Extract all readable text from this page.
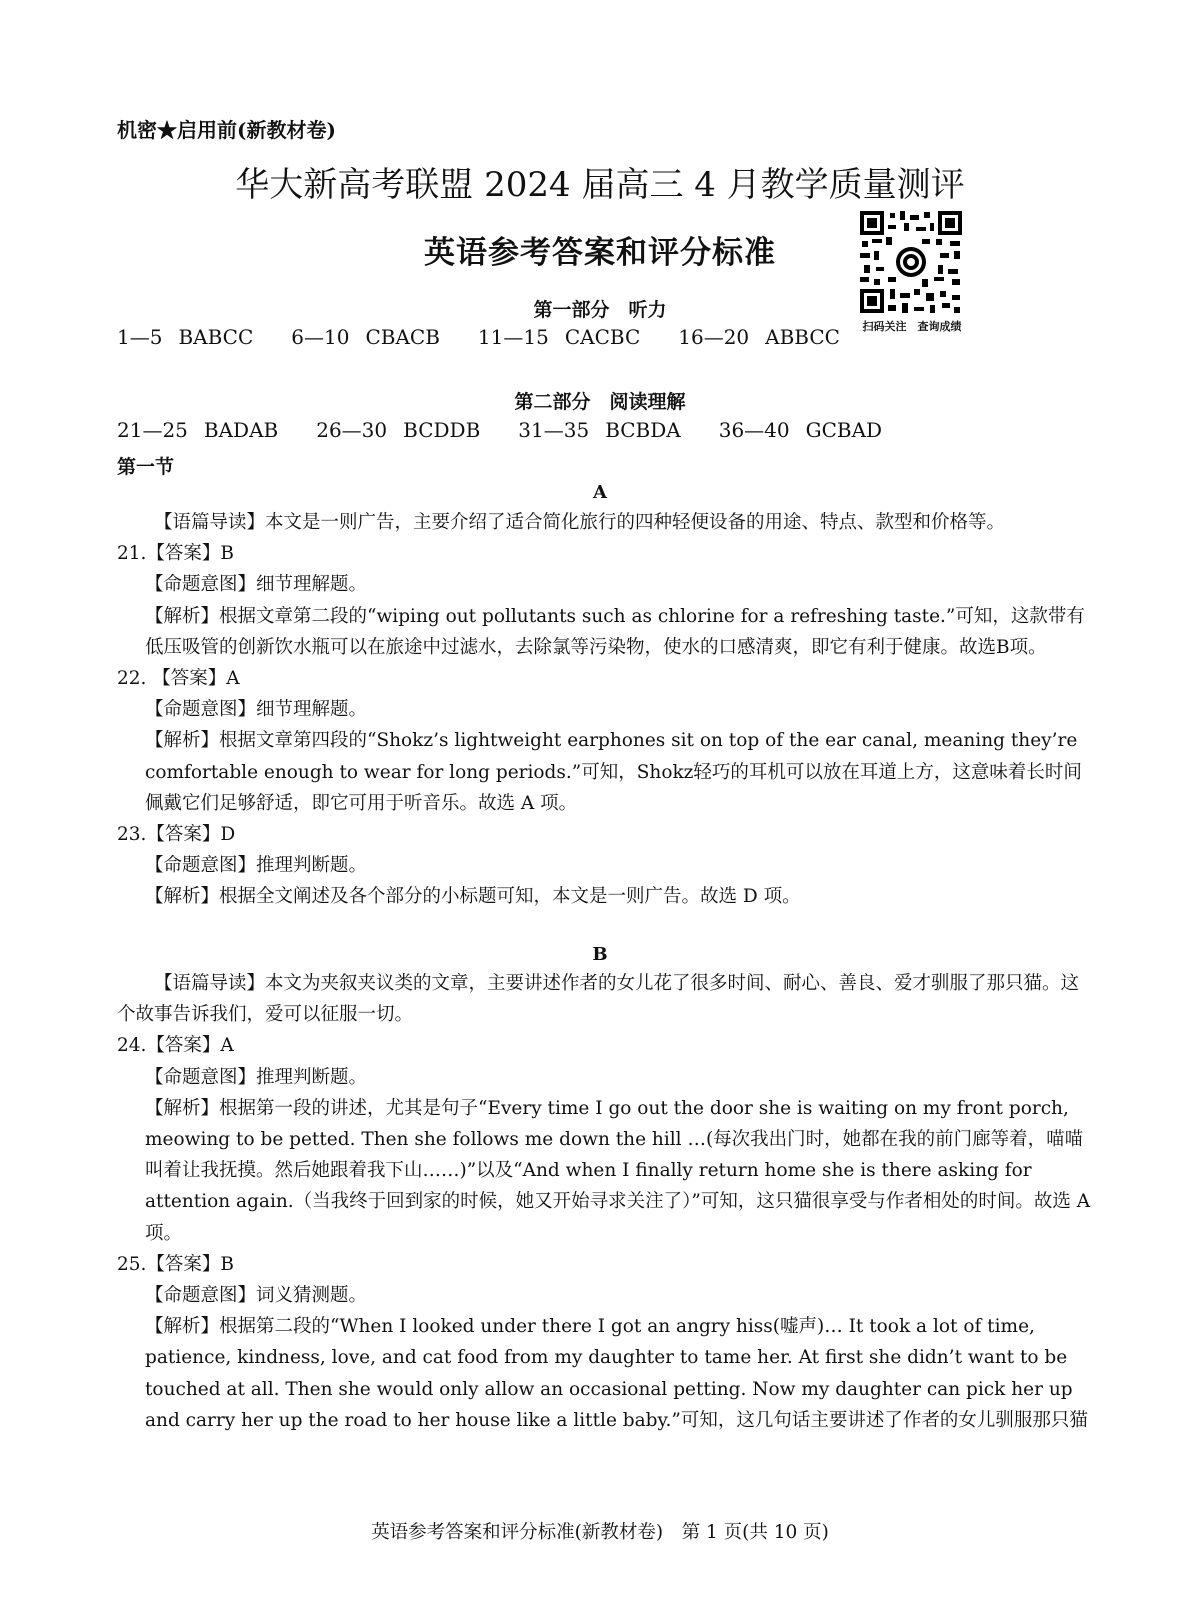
机密★启用前(新教材卷)
华大新高考联盟 2024 届高三 4 月教学质量测评
英语参考答案和评分标准
扫码关注　查询成绩
第一部分　听力
1—5 BABCC 6—10 CBACB 11—15 CACBC 16—20 ABBCC
第二部分　阅读理解
21—25 BADAB 26—30 BCDDB 31—35 BCBDA 36—40 GCBAD
第一节
A
【语篇导读】本文是一则广告，主要介绍了适合简化旅行的四种轻便设备的用途、特点、款型和价格等。
21.【答案】B
【命题意图】细节理解题。
【解析】根据文章第二段的“wiping out pollutants such as chlorine for a refreshing taste.”可知，这款带有低压吸管的创新饮水瓶可以在旅途中过滤水，去除氯等污染物，使水的口感清爽，即它有利于健康。故选B项。
22. 【答案】A
【命题意图】细节理解题。
【解析】根据文章第四段的“Shokz’s lightweight earphones sit on top of the ear canal, meaning they’re comfortable enough to wear for long periods.”可知，Shokz轻巧的耳机可以放在耳道上方，这意味着长时间佩戴它们足够舒适，即它可用于听音乐。故选 A 项。
23.【答案】D
【命题意图】推理判断题。
【解析】根据全文阐述及各个部分的小标题可知，本文是一则广告。故选 D 项。
B
【语篇导读】本文为夹叙夹议类的文章，主要讲述作者的女儿花了很多时间、耐心、善良、爱才驯服了那只猫。这个故事告诉我们，爱可以征服一切。
24.【答案】A
【命题意图】推理判断题。
【解析】根据第一段的讲述，尤其是句子“Every time I go out the door she is waiting on my front porch, meowing to be petted. Then she follows me down the hill …(每次我出门时，她都在我的前门廊等着，喵喵叫着让我抚摸。然后她跟着我下山……)”以及“And when I finally return home she is there asking for attention again.（当我终于回到家的时候，她又开始寻求关注了）”可知，这只猫很享受与作者相处的时间。故选 A 项。
25.【答案】B
【命题意图】词义猜测题。
【解析】根据第二段的“When I looked under there I got an angry hiss(嘘声)… It took a lot of time, patience, kindness, love, and cat food from my daughter to tame her. At first she didn’t want to be touched at all. Then she would only allow an occasional petting. Now my daughter can pick her up and carry her up the road to her house like a little baby.”可知，这几句话主要讲述了作者的女儿驯服那只猫
英语参考答案和评分标准(新教材卷)　第 1 页(共 10 页)
